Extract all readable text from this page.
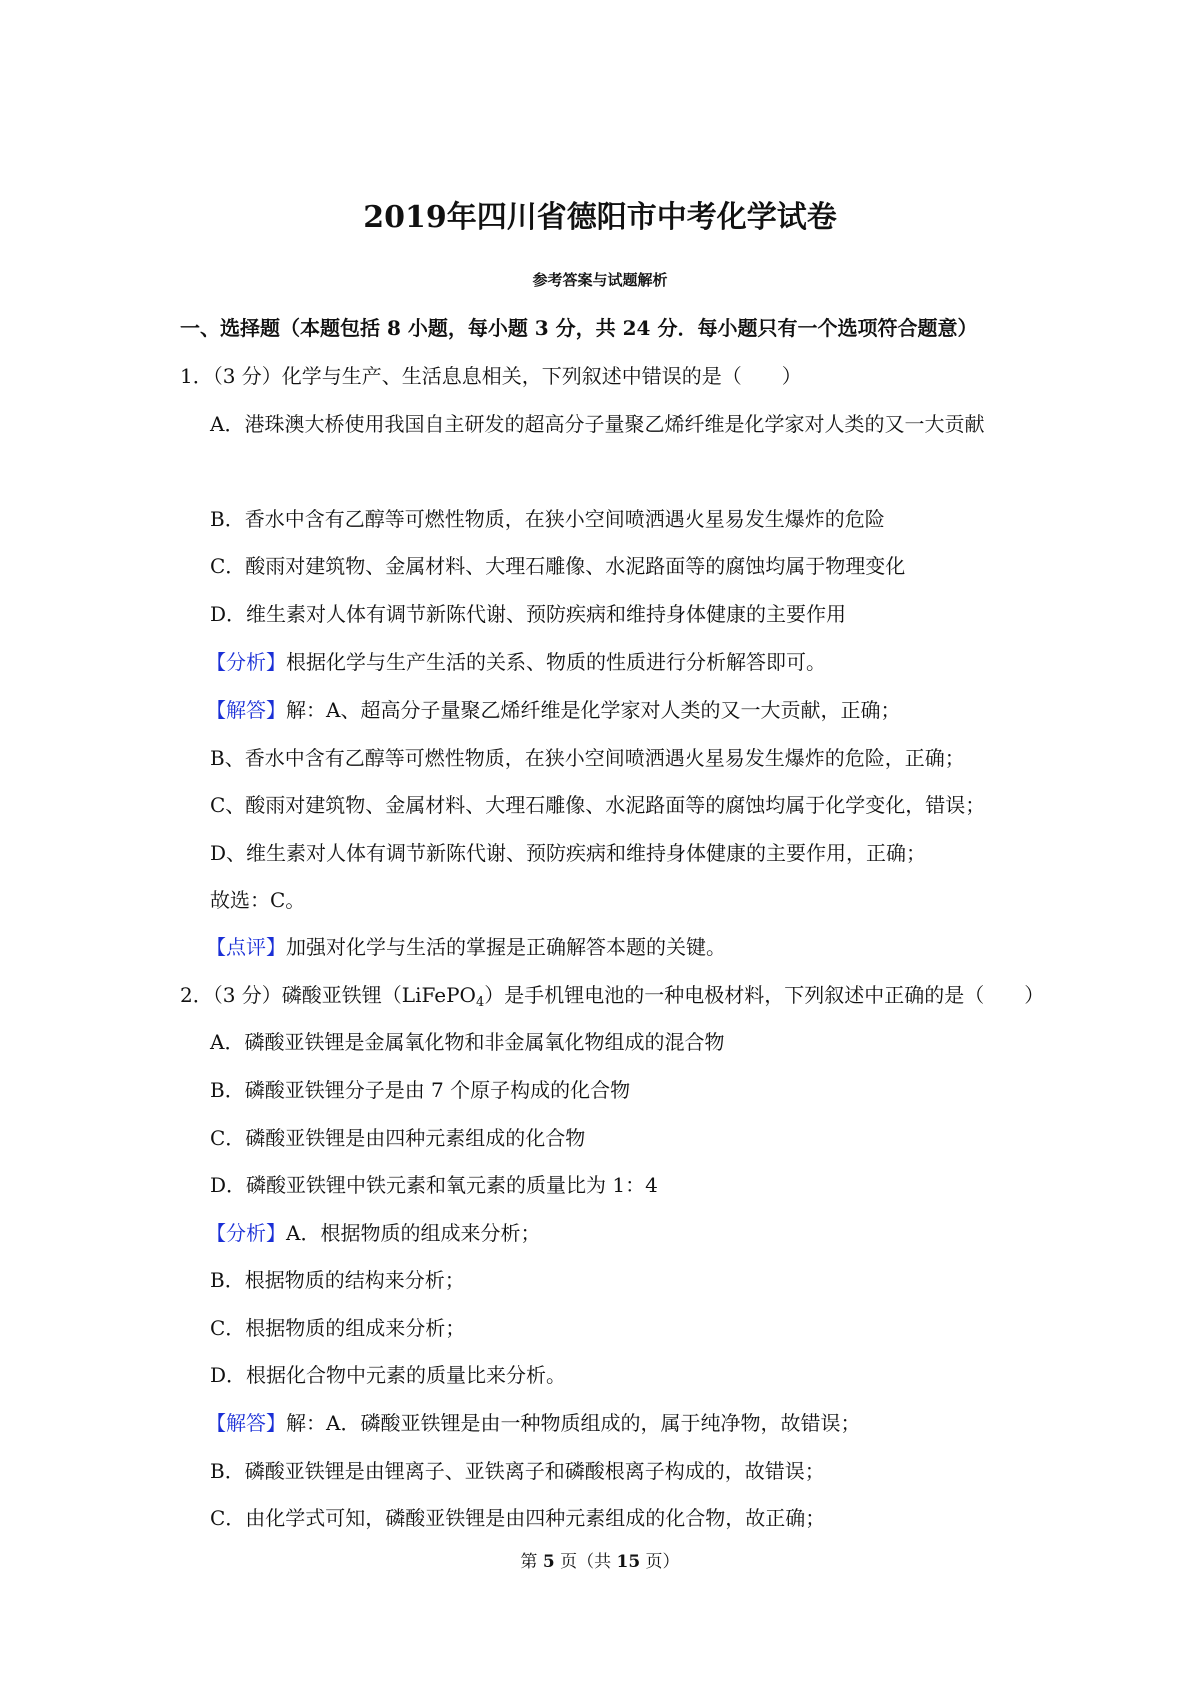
2019年四川省德阳市中考化学试卷
参考答案与试题解析
一、选择题（本题包括 8 小题，每小题 3 分，共 24 分．每小题只有一个选项符合题意）
1．（3 分）化学与生产、生活息息相关，下列叙述中错误的是（　　）
A．港珠澳大桥使用我国自主研发的超高分子量聚乙烯纤维是化学家对人类的又一大贡献
B．香水中含有乙醇等可燃性物质，在狭小空间喷洒遇火星易发生爆炸的危险
C．酸雨对建筑物、金属材料、大理石雕像、水泥路面等的腐蚀均属于物理变化
D．维生素对人体有调节新陈代谢、预防疾病和维持身体健康的主要作用
【分析】根据化学与生产生活的关系、物质的性质进行分析解答即可。
【解答】解：A、超高分子量聚乙烯纤维是化学家对人类的又一大贡献，正确；
B、香水中含有乙醇等可燃性物质，在狭小空间喷洒遇火星易发生爆炸的危险，正确；
C、酸雨对建筑物、金属材料、大理石雕像、水泥路面等的腐蚀均属于化学变化，错误；
D、维生素对人体有调节新陈代谢、预防疾病和维持身体健康的主要作用，正确；
故选：C。
【点评】加强对化学与生活的掌握是正确解答本题的关键。
2．（3 分）磷酸亚铁锂（LiFePO$_4$）是手机锂电池的一种电极材料，下列叙述中正确的是（　　）
A．磷酸亚铁锂是金属氧化物和非金属氧化物组成的混合物
B．磷酸亚铁锂分子是由 7 个原子构成的化合物
C．磷酸亚铁锂是由四种元素组成的化合物
D．磷酸亚铁锂中铁元素和氧元素的质量比为 1：4
【分析】A．根据物质的组成来分析；
B．根据物质的结构来分析；
C．根据物质的组成来分析；
D．根据化合物中元素的质量比来分析。
【解答】解：A．磷酸亚铁锂是由一种物质组成的，属于纯净物，故错误；
B．磷酸亚铁锂是由锂离子、亚铁离子和磷酸根离子构成的，故错误；
C．由化学式可知，磷酸亚铁锂是由四种元素组成的化合物，故正确；
第 5 页（共 15 页）
